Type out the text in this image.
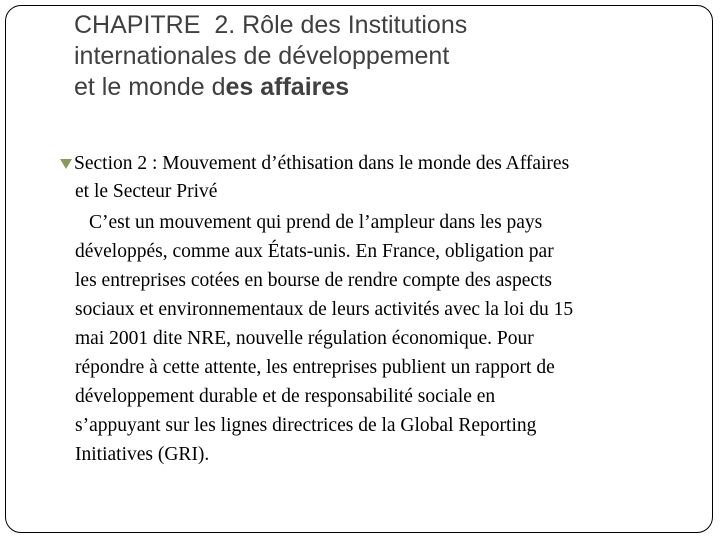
CHAPITRE 2. Rôle des Institutions
internationales de développement
et le monde des affaires
Section 2 : Mouvement d’éthisation dans le monde des Affaires
et le Secteur Privé
C’est un mouvement qui prend de l’ampleur dans les pays
développés, comme aux États-unis. En France, obligation par
les entreprises cotées en bourse de rendre compte des aspects
sociaux et environnementaux de leurs activités avec la loi du 15
mai 2001 dite NRE, nouvelle régulation économique. Pour
répondre à cette attente, les entreprises publient un rapport de
développement durable et de responsabilité sociale en
s’appuyant sur les lignes directrices de la Global Reporting
Initiatives (GRI).
